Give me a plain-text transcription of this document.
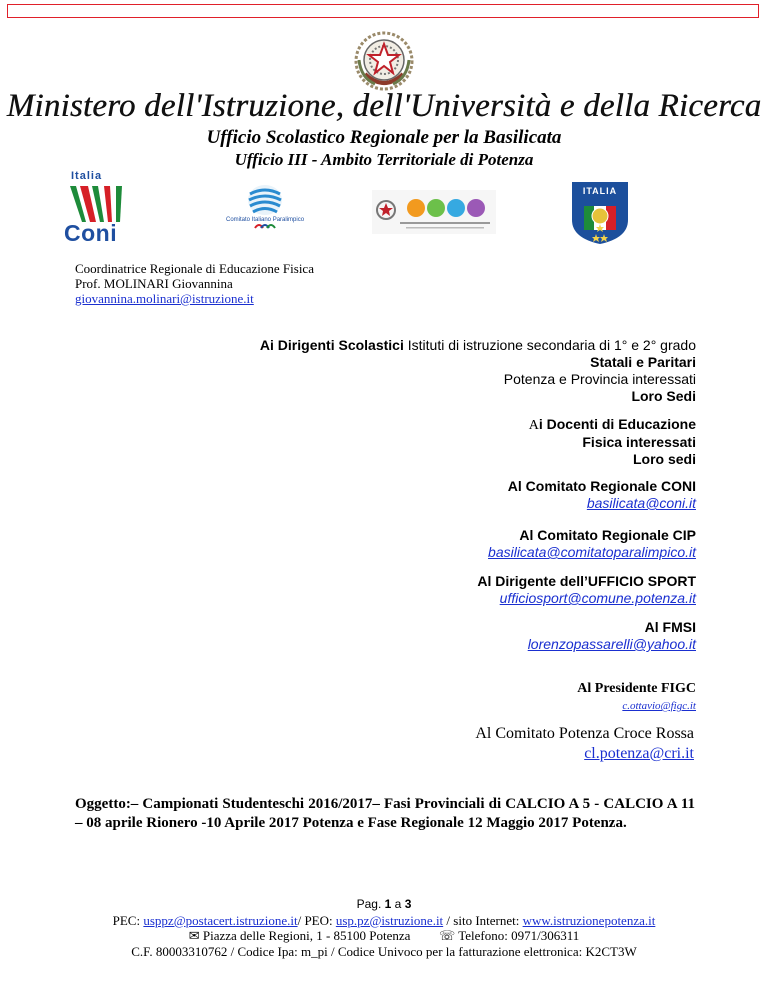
Ministero dell'Istruzione, dell'Università e della Ricerca
Ufficio Scolastico Regionale per la Basilicata
Ufficio III - Ambito Territoriale di Potenza
Italia
Coni	Comitato Italiano Paralimpico
ITALIA
Coordinatrice Regionale di Educazione Fisica
Prof. MOLINARI Giovannina
giovannina.molinari@istruzione.it
Ai Dirigenti Scolastici Istituti di istruzione secondaria di 1° e 2° grado
Statali e Paritari
Potenza e Provincia interessati
Loro Sedi
Ai Docenti di Educazione
Fisica interessati
Loro sedi
Al Comitato Regionale CONI
basilicata@coni.it
Al Comitato Regionale CIP
basilicata@comitatoparalimpico.it
Al Dirigente dell’UFFICIO SPORT
ufficiosport@comune.potenza.it
Al FMSI
lorenzopassarelli@yahoo.it
Al Presidente FIGC
c.ottavio@figc.it
Al Comitato Potenza Croce Rossa
cl.potenza@cri.it
Oggetto:– Campionati Studenteschi 2016/2017– Fasi Provinciali di CALCIO A 5 - CALCIO A 11 – 08 aprile Rionero -10 Aprile 2017 Potenza e Fase Regionale 12 Maggio 2017 Potenza.
Pag. 1 a 3
PEC: usppz@postacert.istruzione.it/ PEO: usp.pz@istruzione.it / sito Internet: www.istruzionepotenza.it
✉ Piazza delle Regioni, 1 - 85100 Potenza ☏ Telefono: 0971/306311
C.F. 80003310762 / Codice Ipa: m_pi / Codice Univoco per la fatturazione elettronica: K2CT3W
